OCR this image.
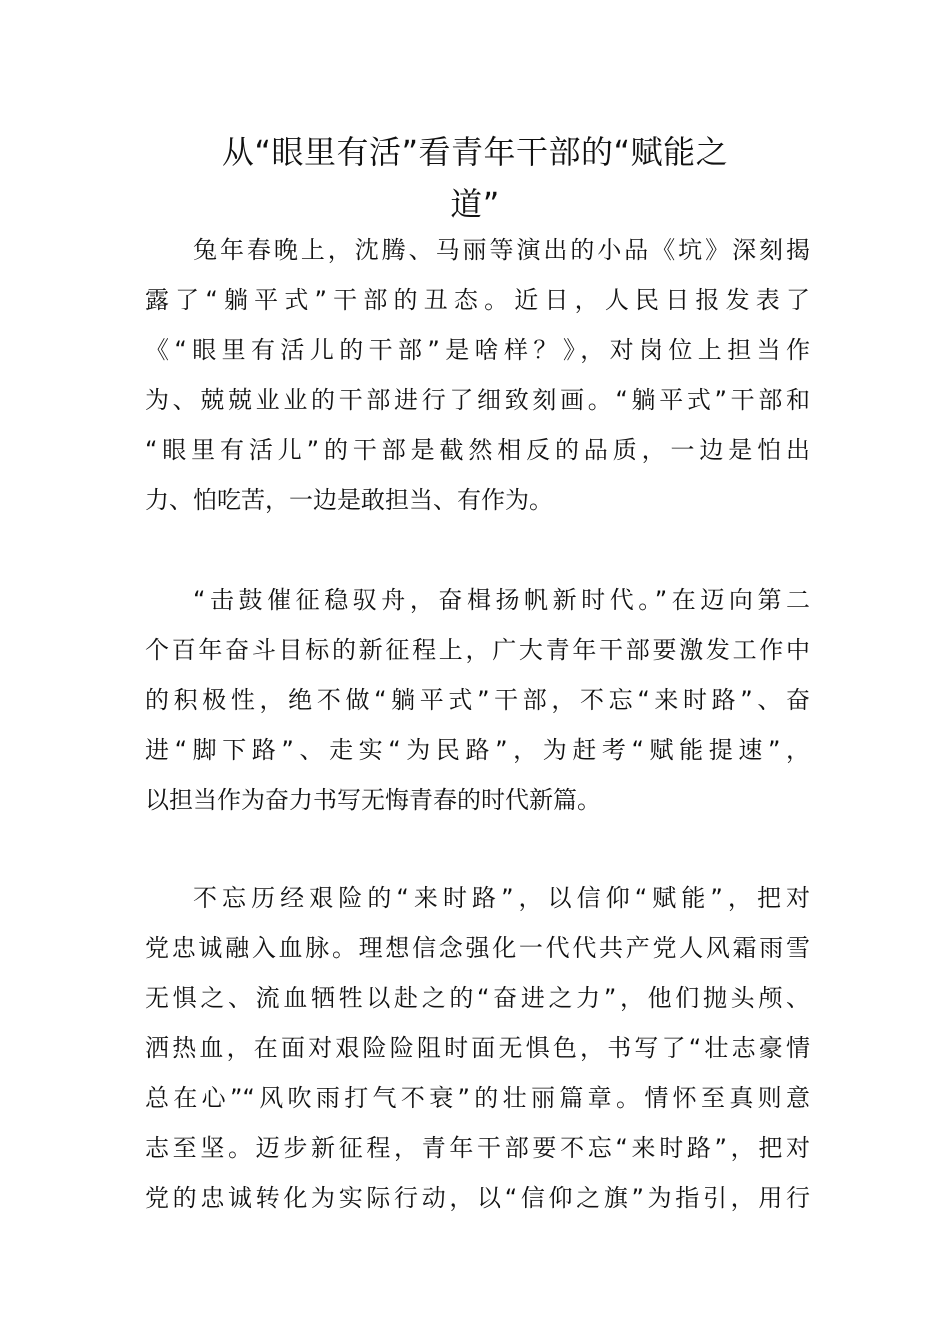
从“眼里有活”看青年干部的“赋能之
道”
兔年春晚上，沈腾、马丽等演出的小品《坑》深刻揭
露了“躺平式”干部的丑态。近日，人民日报发表了
《“眼里有活儿的干部”是啥样？》，对岗位上担当作
为、兢兢业业的干部进行了细致刻画。“躺平式”干部和
“眼里有活儿”的干部是截然相反的品质，一边是怕出
力、怕吃苦，一边是敢担当、有作为。
“击鼓催征稳驭舟，奋楫扬帆新时代。”在迈向第二
个百年奋斗目标的新征程上，广大青年干部要激发工作中
的积极性，绝不做“躺平式”干部，不忘“来时路”、奋
进“脚下路”、走实“为民路”，为赶考“赋能提速”，
以担当作为奋力书写无悔青春的时代新篇。
不忘历经艰险的“来时路”，以信仰“赋能”，把对
党忠诚融入血脉。理想信念强化一代代共产党人风霜雨雪
无惧之、流血牺牲以赴之的“奋进之力”，他们抛头颅、
洒热血，在面对艰险险阻时面无惧色，书写了“壮志豪情
总在心”“风吹雨打气不衰”的壮丽篇章。情怀至真则意
志至坚。迈步新征程，青年干部要不忘“来时路”，把对
党的忠诚转化为实际行动，以“信仰之旗”为指引，用行
